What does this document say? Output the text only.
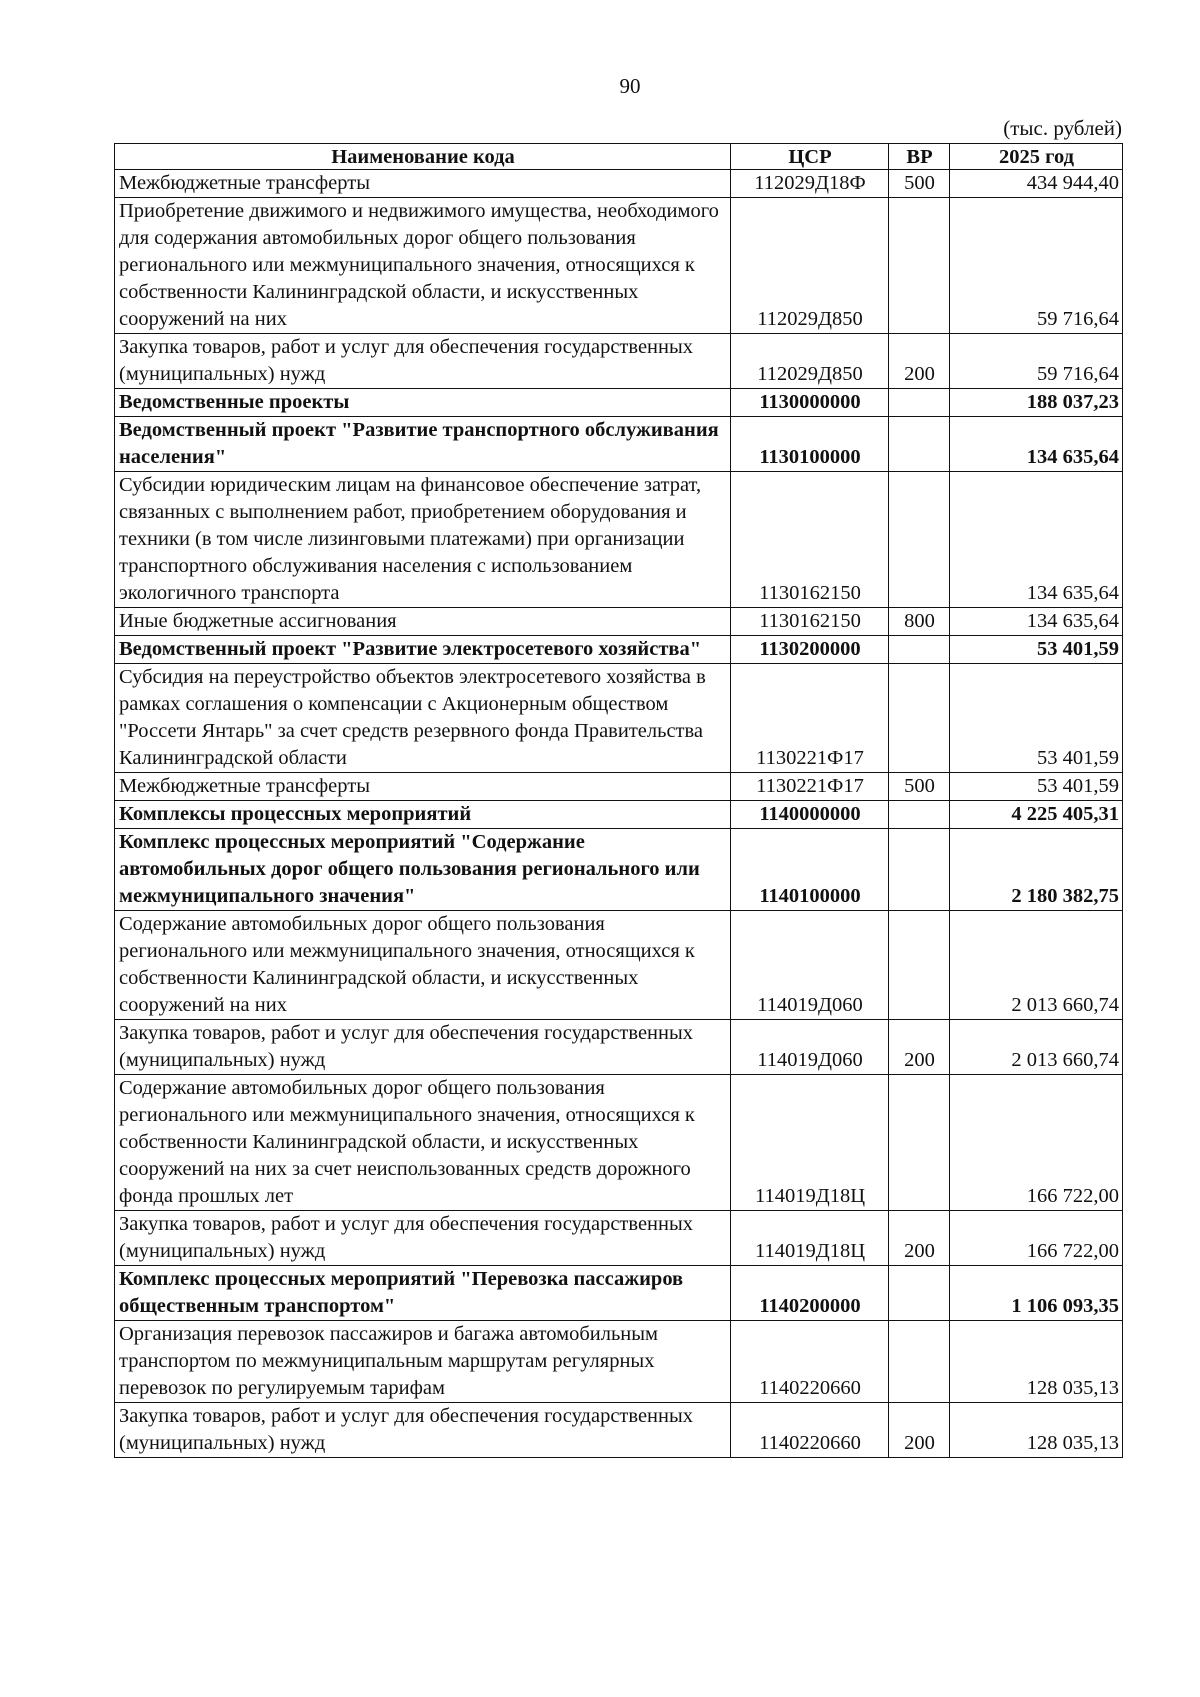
90
(тыс. рублей)
Наименование кода	ЦСР	ВР	2025 год
Межбюджетные трансферты	112029Д18Ф	500	434 944,40
Приобретение движимого и недвижимого имущества, необходимого для содержания автомобильных дорог общего пользования регионального или межмуниципального значения, относящихся к собственности Калининградской области, и искусственных сооружений на них	112029Д850		59 716,64
Закупка товаров, работ и услуг для обеспечения государственных (муниципальных) нужд	112029Д850	200	59 716,64
Ведомственные проекты	1130000000		188 037,23
Ведомственный проект "Развитие транспортного обслуживания населения"	1130100000		134 635,64
Субсидии юридическим лицам на финансовое обеспечение затрат, связанных с выполнением работ, приобретением оборудования и техники (в том числе лизинговыми платежами) при организации транспортного обслуживания населения с использованием экологичного транспорта	1130162150		134 635,64
Иные бюджетные ассигнования	1130162150	800	134 635,64
Ведомственный проект "Развитие электросетевого хозяйства"	1130200000		53 401,59
Субсидия на переустройство объектов электросетевого хозяйства в рамках соглашения о компенсации с Акционерным обществом "Россети Янтарь" за счет средств резервного фонда Правительства Калининградской области	1130221Ф17		53 401,59
Межбюджетные трансферты	1130221Ф17	500	53 401,59
Комплексы процессных мероприятий	1140000000		4 225 405,31
Комплекс процессных мероприятий "Содержание автомобильных дорог общего пользования регионального или межмуниципального значения"	1140100000		2 180 382,75
Содержание автомобильных дорог общего пользования регионального или межмуниципального значения, относящихся к собственности Калининградской области, и искусственных сооружений на них	114019Д060		2 013 660,74
Закупка товаров, работ и услуг для обеспечения государственных (муниципальных) нужд	114019Д060	200	2 013 660,74
Содержание автомобильных дорог общего пользования регионального или межмуниципального значения, относящихся к собственности Калининградской области, и искусственных сооружений на них за счет неиспользованных средств дорожного фонда прошлых лет	114019Д18Ц		166 722,00
Закупка товаров, работ и услуг для обеспечения государственных (муниципальных) нужд	114019Д18Ц	200	166 722,00
Комплекс процессных мероприятий "Перевозка пассажиров общественным транспортом"	1140200000		1 106 093,35
Организация перевозок пассажиров и багажа автомобильным транспортом по межмуниципальным маршрутам регулярных перевозок по регулируемым тарифам	1140220660		128 035,13
Закупка товаров, работ и услуг для обеспечения государственных (муниципальных) нужд	1140220660	200	128 035,13
